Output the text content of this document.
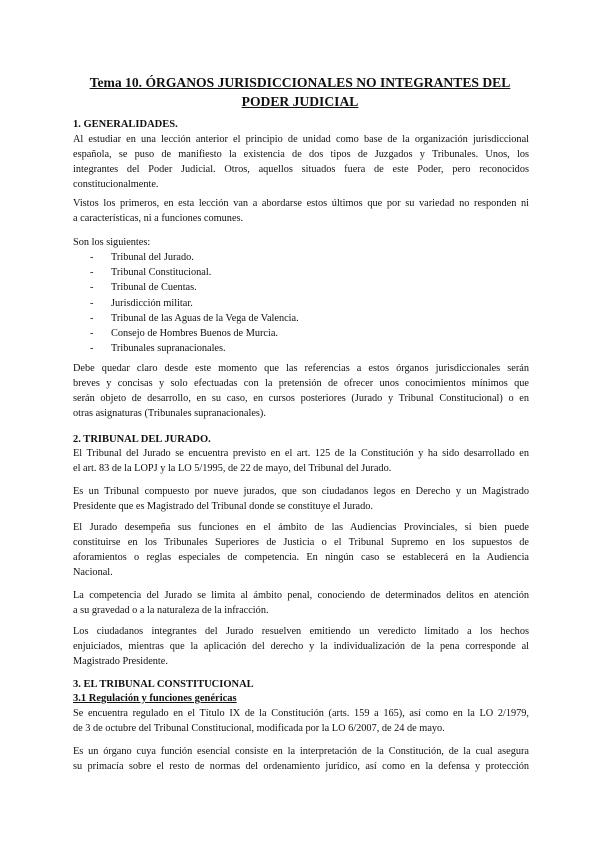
Tema 10. ÓRGANOS JURISDICCIONALES NO INTEGRANTES DEL
PODER JUDICIAL
1. GENERALIDADES.
Al estudiar en una lección anterior el principio de unidad como base de la organización jurisdiccional
española, se puso de manifiesto la existencia de dos tipos de Juzgados y Tribunales. Unos, los
integrantes del Poder Judicial. Otros, aquellos situados fuera de este Poder, pero reconocidos
constitucionalmente.
Vistos los primeros, en esta lección van a abordarse estos últimos que por su variedad no responden ni
a características, ni a funciones comunes.
Son los siguientes:
- Tribunal del Jurado.
- Tribunal Constitucional.
- Tribunal de Cuentas.
- Jurisdicción militar.
- Tribunal de las Aguas de la Vega de Valencia.
- Consejo de Hombres Buenos de Murcia.
- Tribunales supranacionales.
Debe quedar claro desde este momento que las referencias a estos órganos jurisdiccionales serán
breves y concisas y solo efectuadas con la pretensión de ofrecer unos conocimientos mínimos que
serán objeto de desarrollo, en su caso, en cursos posteriores (Jurado y Tribunal Constitucional) o en
otras asignaturas (Tribunales supranacionales).
2. TRIBUNAL DEL JURADO.
El Tribunal del Jurado se encuentra previsto en el art. 125 de la Constitución y ha sido desarrollado en
el art. 83 de la LOPJ y la LO 5/1995, de 22 de mayo, del Tribunal del Jurado.
Es un Tribunal compuesto por nueve jurados, que son ciudadanos legos en Derecho y un Magistrado
Presidente que es Magistrado del Tribunal donde se constituye el Jurado.
El Jurado desempeña sus funciones en el ámbito de las Audiencias Provinciales, si bien puede
constituirse en los Tribunales Superiores de Justicia o el Tribunal Supremo en los supuestos de
aforamientos o reglas especiales de competencia. En ningún caso se establecerá en la Audiencia
Nacional.
La competencia del Jurado se limita al ámbito penal, conociendo de determinados delitos en atención
a su gravedad o a la naturaleza de la infracción.
Los ciudadanos integrantes del Jurado resuelven emitiendo un veredicto limitado a los hechos
enjuiciados, mientras que la aplicación del derecho y la individualización de la pena corresponde al
Magistrado Presidente.
3. EL TRIBUNAL CONSTITUCIONAL
3.1 Regulación y funciones genéricas
Se encuentra regulado en el Título IX de la Constitución (arts. 159 a 165), así como en la LO 2/1979,
de 3 de octubre del Tribunal Constitucional, modificada por la LO 6/2007, de 24 de mayo.
Es un órgano cuya función esencial consiste en la interpretación de la Constitución, de la cual asegura
su primacía sobre el resto de normas del ordenamiento jurídico, así como en la defensa y protección
